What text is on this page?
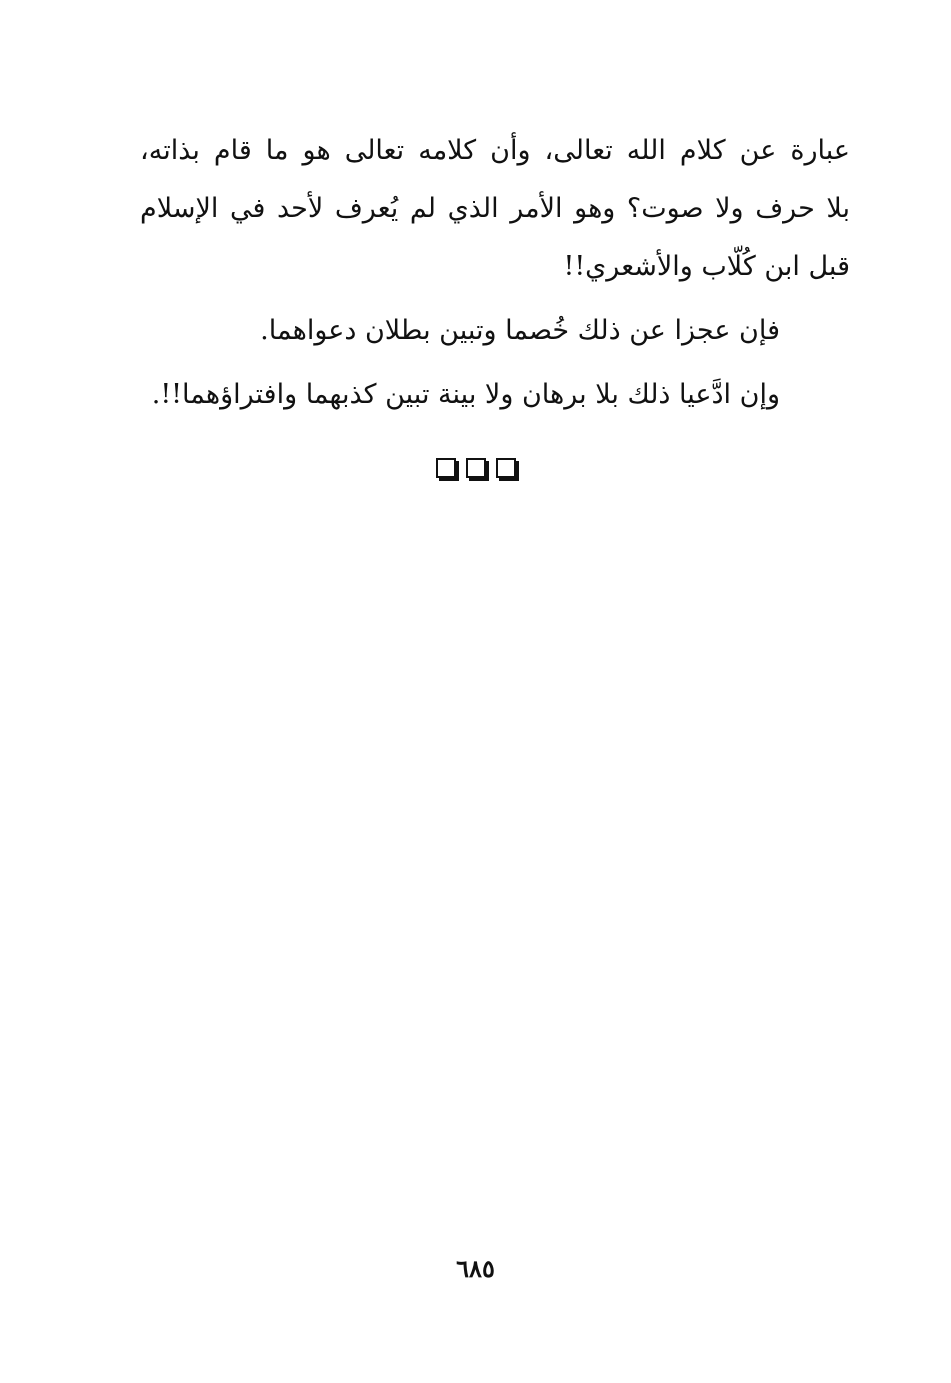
عبارة عن كلام الله تعالى، وأن كلامه تعالى هو ما قام بذاته،
بلا حرف ولا صوت؟ وهو الأمر الذي لم يُعرف لأحد في الإسلام
قبل ابن كُلّاب والأشعري!!
فإن عجزا عن ذلك خُصما وتبين بطلان دعواهما.
وإن ادَّعيا ذلك بلا برهان ولا بينة تبين كذبهما وافتراؤهما!!.
٦٨٥
